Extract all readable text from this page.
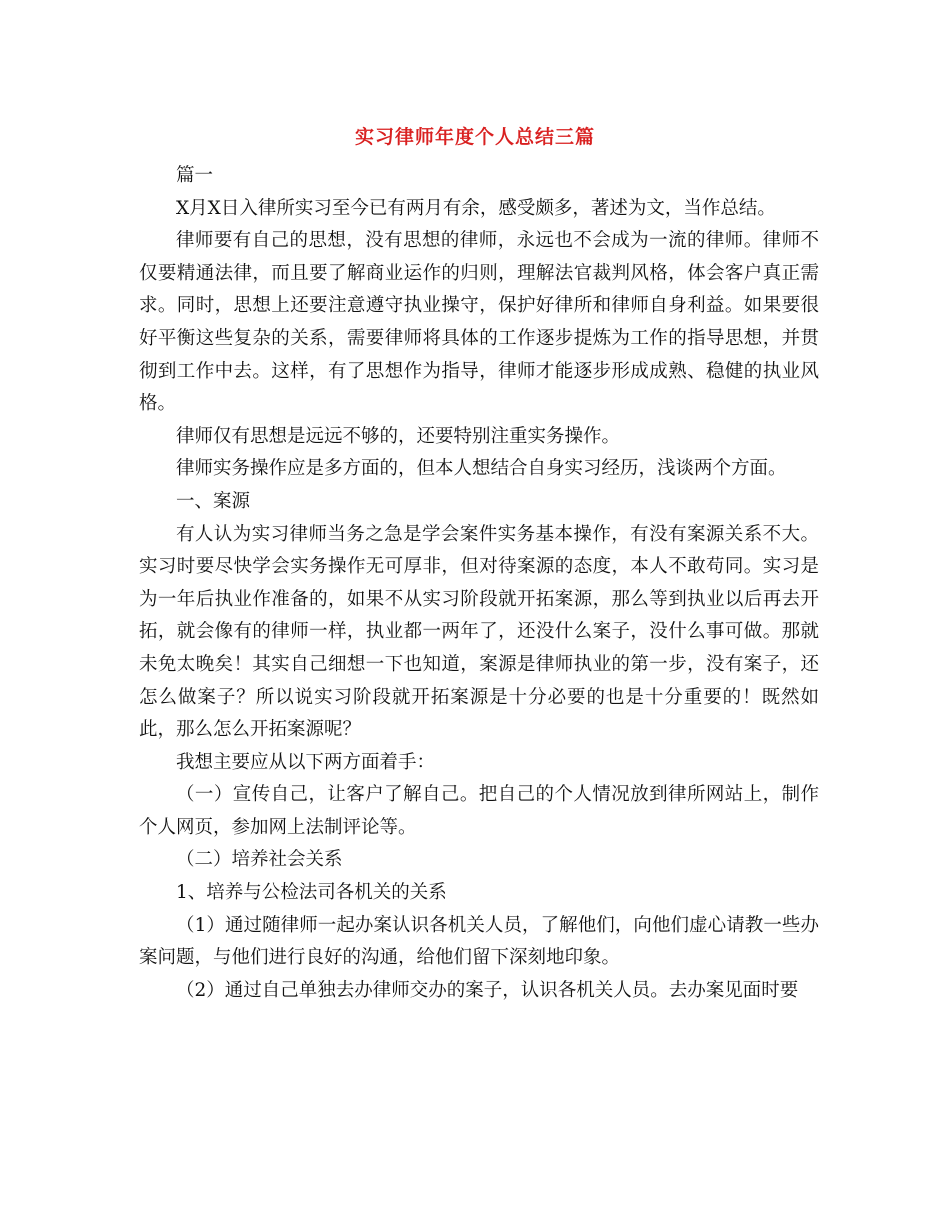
实习律师年度个人总结三篇

篇一

X月X日入律所实习至今已有两月有余，感受颇多，著述为文，当作总结。

律师要有自己的思想，没有思想的律师，永远也不会成为一流的律师。律师不仅要精通法律，而且要了解商业运作的归则，理解法官裁判风格，体会客户真正需求。同时，思想上还要注意遵守执业操守，保护好律所和律师自身利益。如果要很好平衡这些复杂的关系，需要律师将具体的工作逐步提炼为工作的指导思想，并贯彻到工作中去。这样，有了思想作为指导，律师才能逐步形成成熟、稳健的执业风格。

律师仅有思想是远远不够的，还要特别注重实务操作。

律师实务操作应是多方面的，但本人想结合自身实习经历，浅谈两个方面。

一、案源

有人认为实习律师当务之急是学会案件实务基本操作，有没有案源关系不大。实习时要尽快学会实务操作无可厚非，但对待案源的态度，本人不敢苟同。实习是为一年后执业作准备的，如果不从实习阶段就开拓案源，那么等到执业以后再去开拓，就会像有的律师一样，执业都一两年了，还没什么案子，没什么事可做。那就未免太晚矣！其实自己细想一下也知道，案源是律师执业的第一步，没有案子，还怎么做案子？所以说实习阶段就开拓案源是十分必要的也是十分重要的！既然如此，那么怎么开拓案源呢？

我想主要应从以下两方面着手：

（一）宣传自己，让客户了解自己。把自己的个人情况放到律所网站上，制作个人网页，参加网上法制评论等。

（二）培养社会关系

1、培养与公检法司各机关的关系

（1）通过随律师一起办案认识各机关人员，了解他们，向他们虚心请教一些办案问题，与他们进行良好的沟通，给他们留下深刻地印象。

（2）通过自己单独去办律师交办的案子，认识各机关人员。去办案见面时要
